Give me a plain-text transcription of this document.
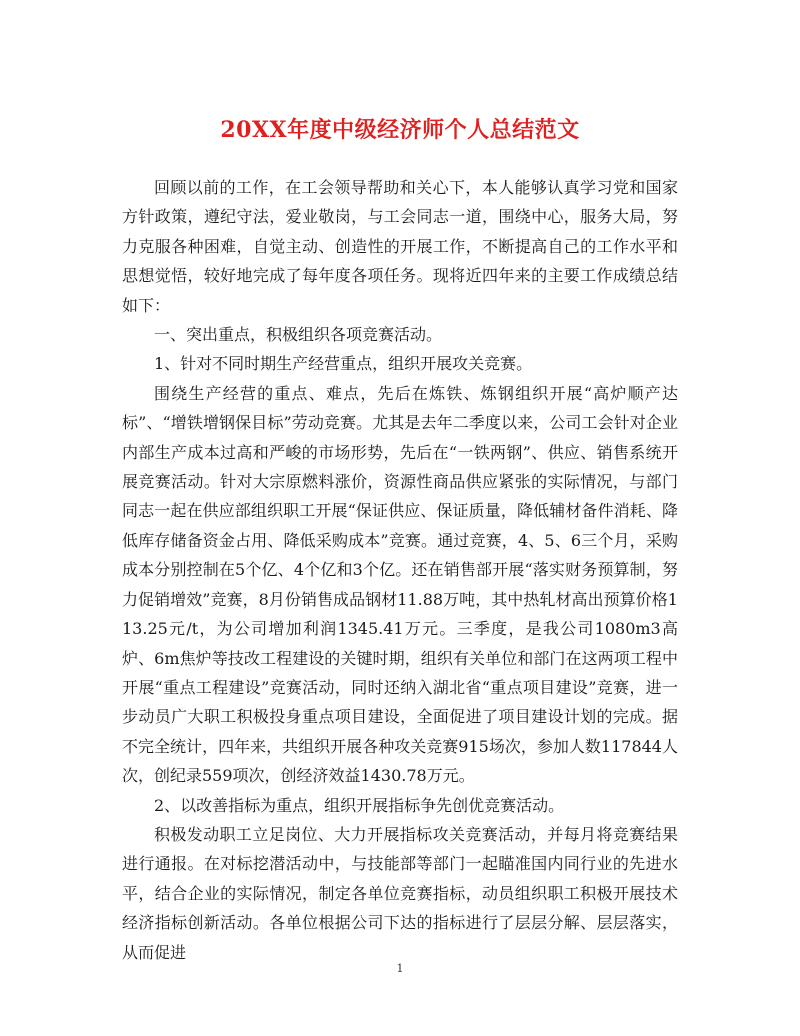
20XX年度中级经济师个人总结范文

回顾以前的工作，在工会领导帮助和关心下，本人能够认真学习党和国家方针政策，遵纪守法，爱业敬岗，与工会同志一道，围绕中心，服务大局，努力克服各种困难，自觉主动、创造性的开展工作，不断提高自己的工作水平和思想觉悟，较好地完成了每年度各项任务。现将近四年来的主要工作成绩总结如下：

一、突出重点，积极组织各项竞赛活动。

1、针对不同时期生产经营重点，组织开展攻关竞赛。

围绕生产经营的重点、难点，先后在炼铁、炼钢组织开展“高炉顺产达标”、“增铁增钢保目标”劳动竞赛。尤其是去年二季度以来，公司工会针对企业内部生产成本过高和严峻的市场形势，先后在“一铁两钢”、供应、销售系统开展竞赛活动。针对大宗原燃料涨价，资源性商品供应紧张的实际情况，与部门同志一起在供应部组织职工开展“保证供应、保证质量，降低辅材备件消耗、降低库存储备资金占用、降低采购成本”竞赛。通过竞赛，4、5、6三个月，采购成本分别控制在5个亿、4个亿和3个亿。还在销售部开展“落实财务预算制，努力促销增效”竞赛，8月份销售成品钢材11.88万吨，其中热轧材高出预算价格113.25元/t，为公司增加利润1345.41万元。三季度，是我公司1080m3高炉、6m焦炉等技改工程建设的关键时期，组织有关单位和部门在这两项工程中开展“重点工程建设”竞赛活动，同时还纳入湖北省“重点项目建设”竞赛，进一步动员广大职工积极投身重点项目建设，全面促进了项目建设计划的完成。据不完全统计，四年来，共组织开展各种攻关竞赛915场次，参加人数117844人次，创纪录559项次，创经济效益1430.78万元。

2、以改善指标为重点，组织开展指标争先创优竞赛活动。

积极发动职工立足岗位、大力开展指标攻关竞赛活动，并每月将竞赛结果进行通报。在对标挖潜活动中，与技能部等部门一起瞄准国内同行业的先进水平，结合企业的实际情况，制定各单位竞赛指标，动员组织职工积极开展技术经济指标创新活动。各单位根据公司下达的指标进行了层层分解、层层落实，从而促进

1
